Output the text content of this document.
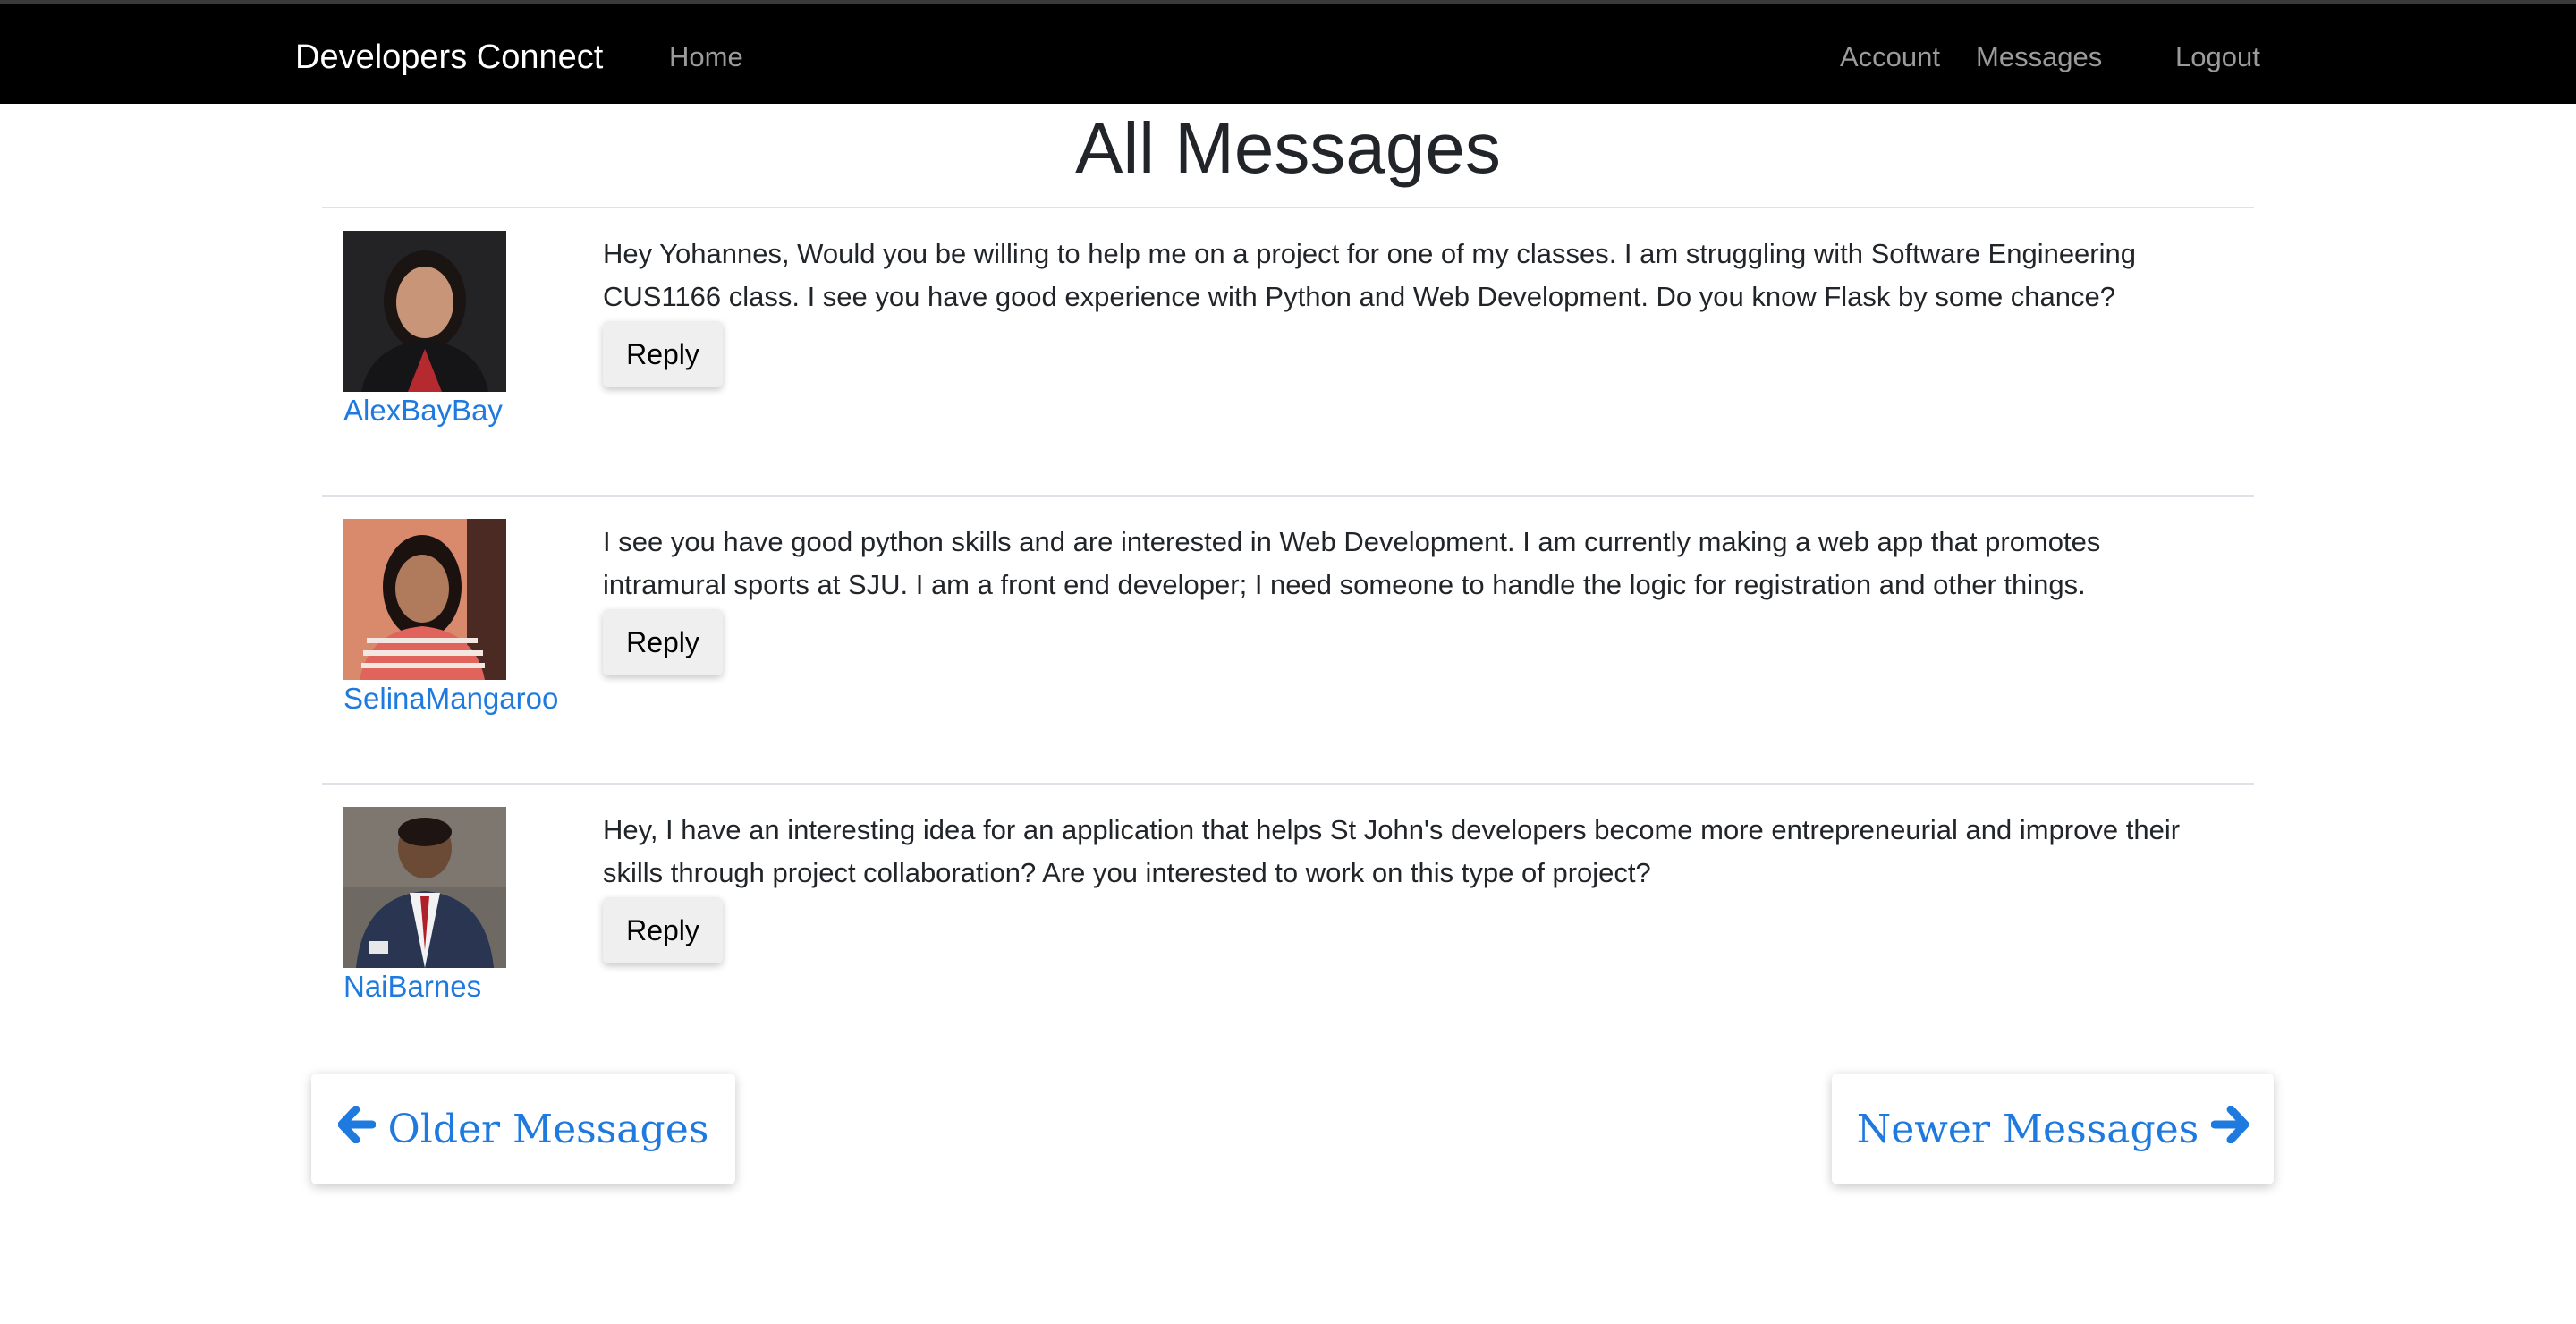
Developers Connect Home	Account Messages	Logout
All Messages
AlexBayBay
Hey Yohannes, Would you be willing to help me on a project for one of my classes. I am struggling with Software Engineering CUS1166 class. I see you have good experience with Python and Web Development. Do you know Flask by some chance?
Reply
SelinaMangaroo
I see you have good python skills and are interested in Web Development. I am currently making a web app that promotes intramural sports at SJU. I am a front end developer; I need someone to handle the logic for registration and other things.
Reply
NaiBarnes
Hey, I have an interesting idea for an application that helps St John's developers become more entrepreneurial and improve their skills through project collaboration? Are you interested to work on this type of project?
Reply
Older Messages	Newer Messages
